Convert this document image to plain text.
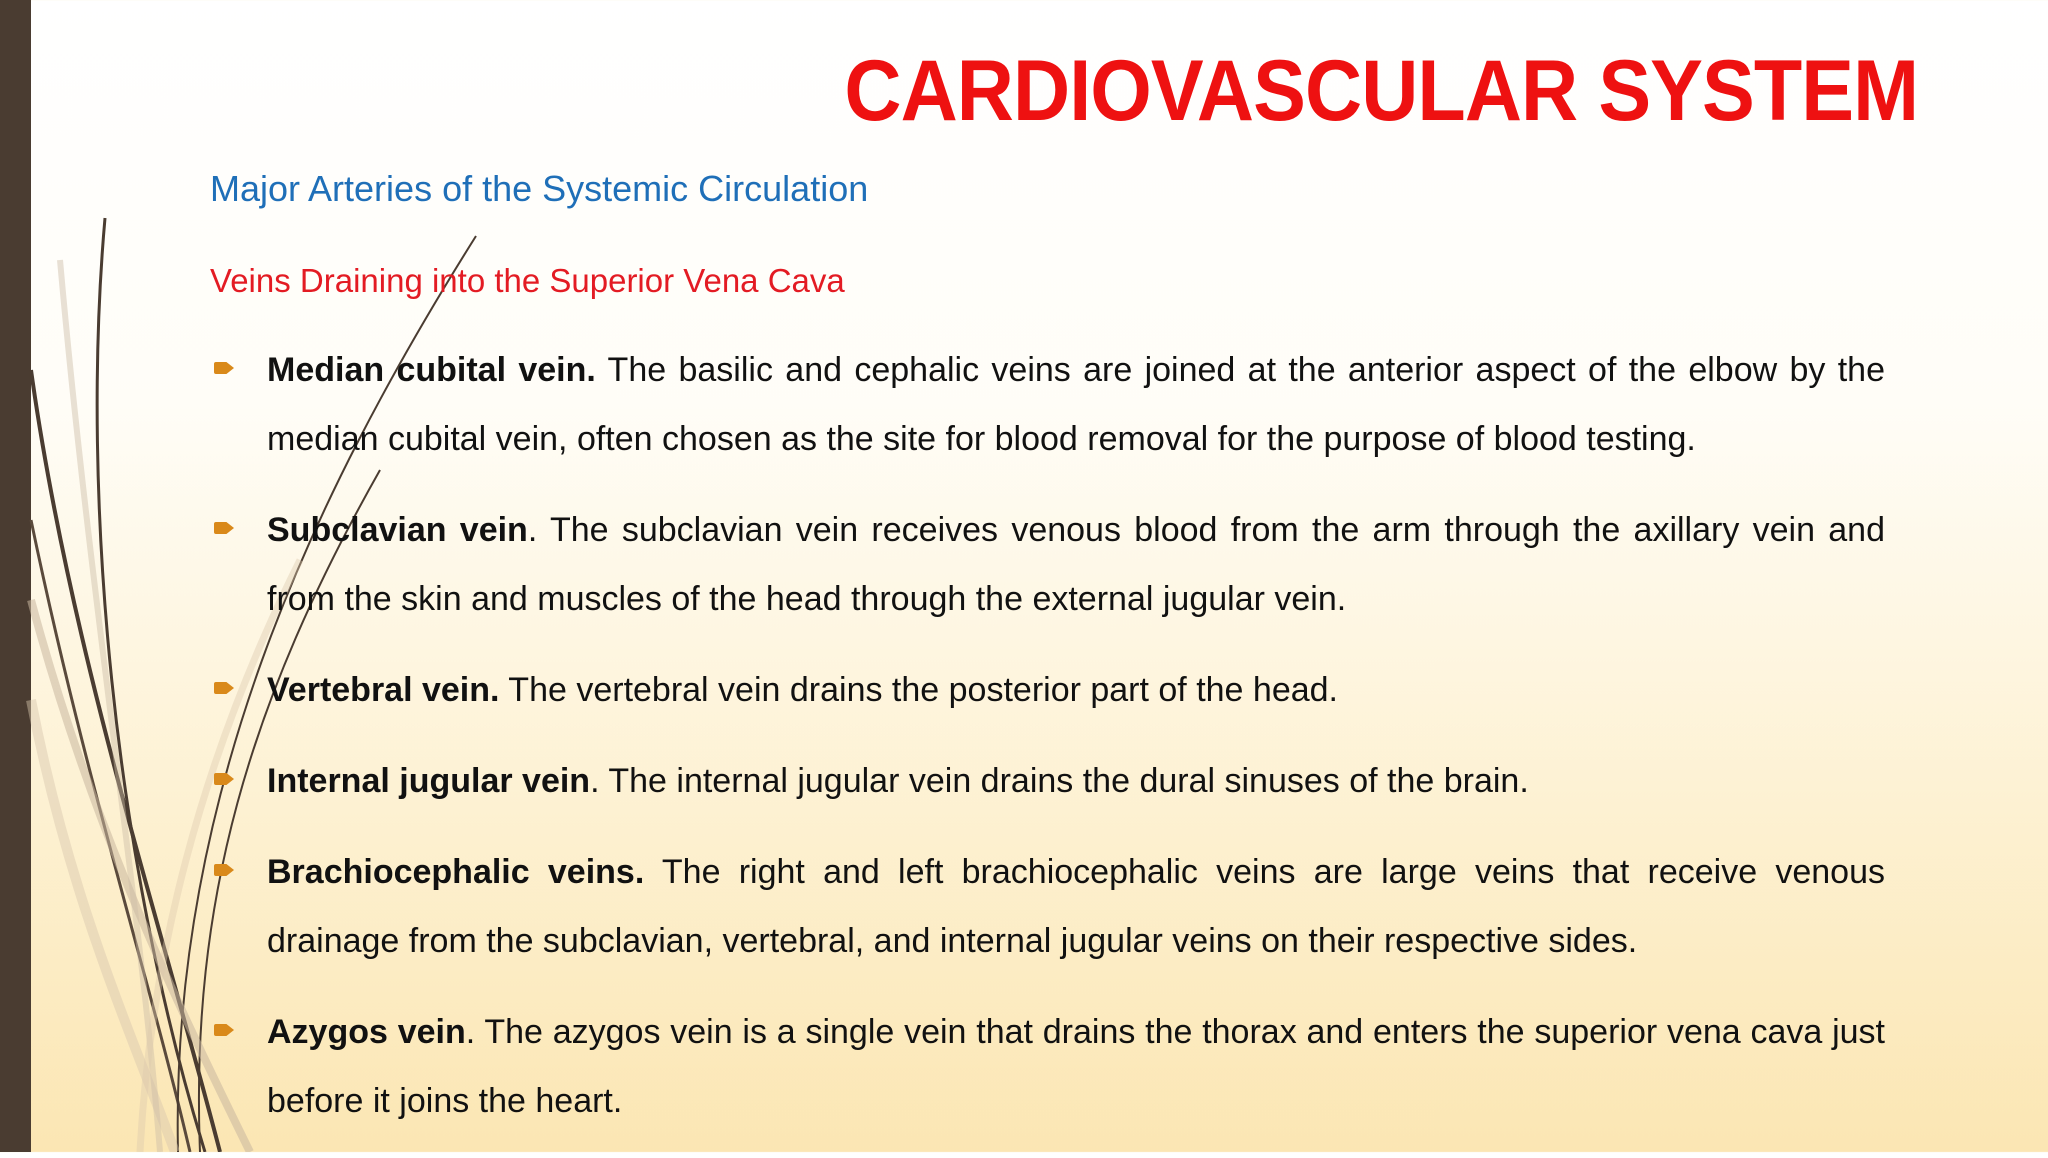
CARDIOVASCULAR SYSTEM
Major Arteries of the Systemic Circulation
Veins Draining into the Superior Vena Cava
Median cubital vein. The basilic and cephalic veins are joined at the anterior aspect of the elbow by the median cubital vein, often chosen as the site for blood removal for the purpose of blood testing.
Subclavian vein. The subclavian vein receives venous blood from the arm through the axillary vein and from the skin and muscles of the head through the external jugular vein.
Vertebral vein. The vertebral vein drains the posterior part of the head.
Internal jugular vein. The internal jugular vein drains the dural sinuses of the brain.
Brachiocephalic veins. The right and left brachiocephalic veins are large veins that receive venous drainage from the subclavian, vertebral, and internal jugular veins on their respective sides.
Azygos vein. The azygos vein is a single vein that drains the thorax and enters the superior vena cava just before it joins the heart.
